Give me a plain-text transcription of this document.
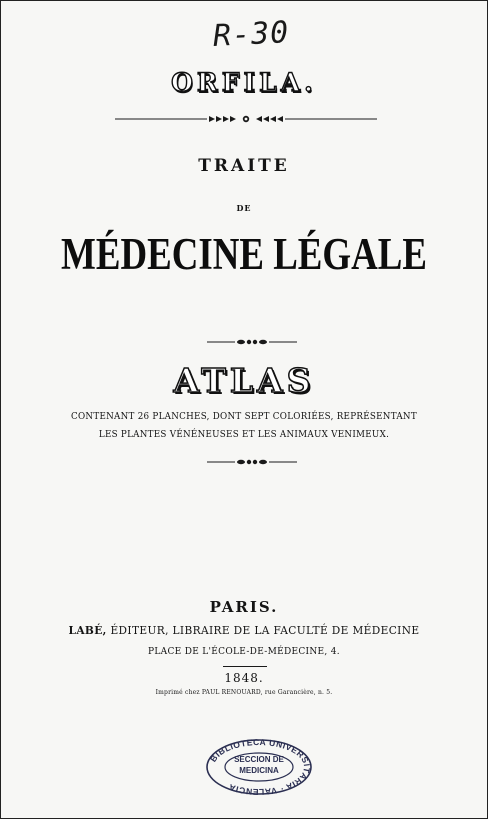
R-30
ORFILA.
TRAITE
DE
MÉDECINE LÉGALE
ATLAS
CONTENANT 26 PLANCHES, DONT SEPT COLORIÉES, REPRÉSENTANT
LES PLANTES VÉNÉNEUSES ET LES ANIMAUX VENIMEUX.
PARIS.
LABÉ, ÉDITEUR, LIBRAIRE DE LA FACULTÉ DE MÉDECINE
PLACE DE L'ÉCOLE-DE-MÉDECINE, 4.
1848.
Imprimé chez PAUL RENOUARD, rue Garancière, n. 5.
BIBLIOTECA UNIVERSITARIA · VALENCIA
SECCION DE
MEDICINA
